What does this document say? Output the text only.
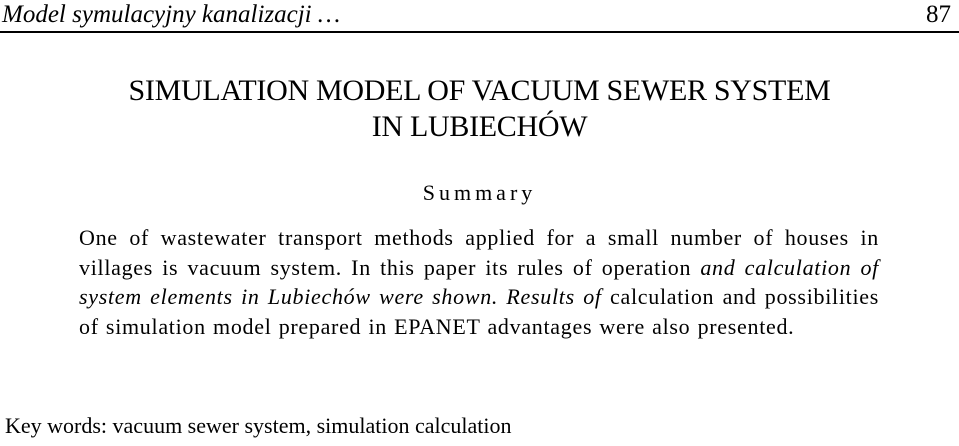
Model symulacyjny kanalizacji …	87
SIMULATION MODEL OF VACUUM SEWER SYSTEM
IN LUBIECHÓW
Summary

One of wastewater transport methods applied for a small number of houses in villages is vacuum system. In this paper its rules of operation and calculation of system elements in Lubiechów were shown. Results of calculation and possibilities of simulation model prepared in EPANET advantages were also presented.

Key words: vacuum sewer system, simulation calculation
